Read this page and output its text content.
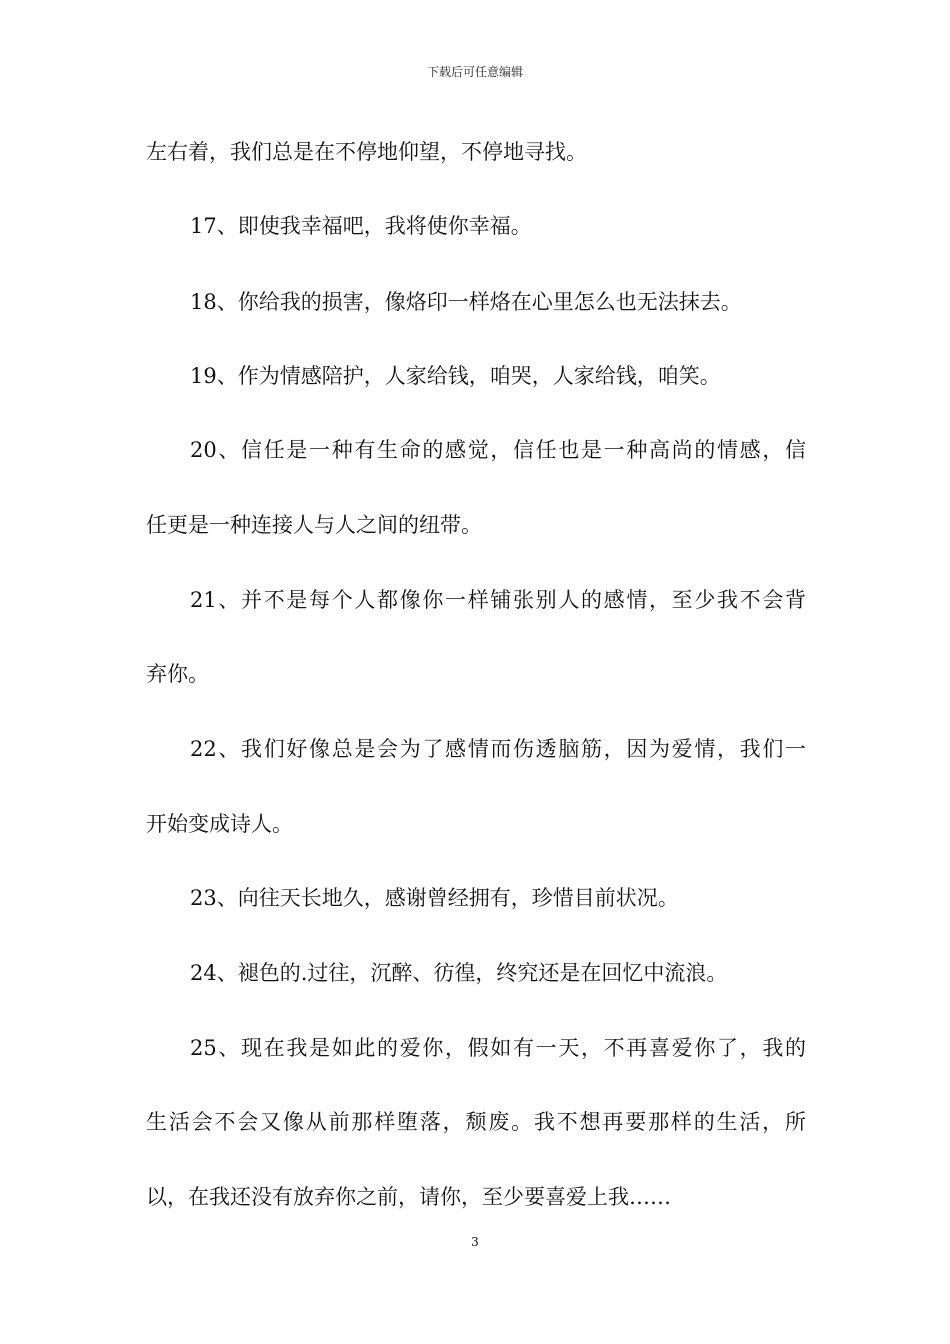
下载后可任意编辑
左右着，我们总是在不停地仰望，不停地寻找。
17、即使我幸福吧，我将使你幸福。
18、你给我的损害，像烙印一样烙在心里怎么也无法抹去。
19、作为情感陪护，人家给钱，咱哭，人家给钱，咱笑。
20、信任是一种有生命的感觉，信任也是一种高尚的情感，信
任更是一种连接人与人之间的纽带。
21、并不是每个人都像你一样铺张别人的感情，至少我不会背
弃你。
22、我们好像总是会为了感情而伤透脑筋，因为爱情，我们一
开始变成诗人。
23、向往天长地久，感谢曾经拥有，珍惜目前状况。
24、褪色的.过往，沉醉、彷徨，终究还是在回忆中流浪。
25、现在我是如此的爱你，假如有一天，不再喜爱你了，我的
生活会不会又像从前那样堕落，颓废。我不想再要那样的生活，所
以，在我还没有放弃你之前，请你，至少要喜爱上我……
3
